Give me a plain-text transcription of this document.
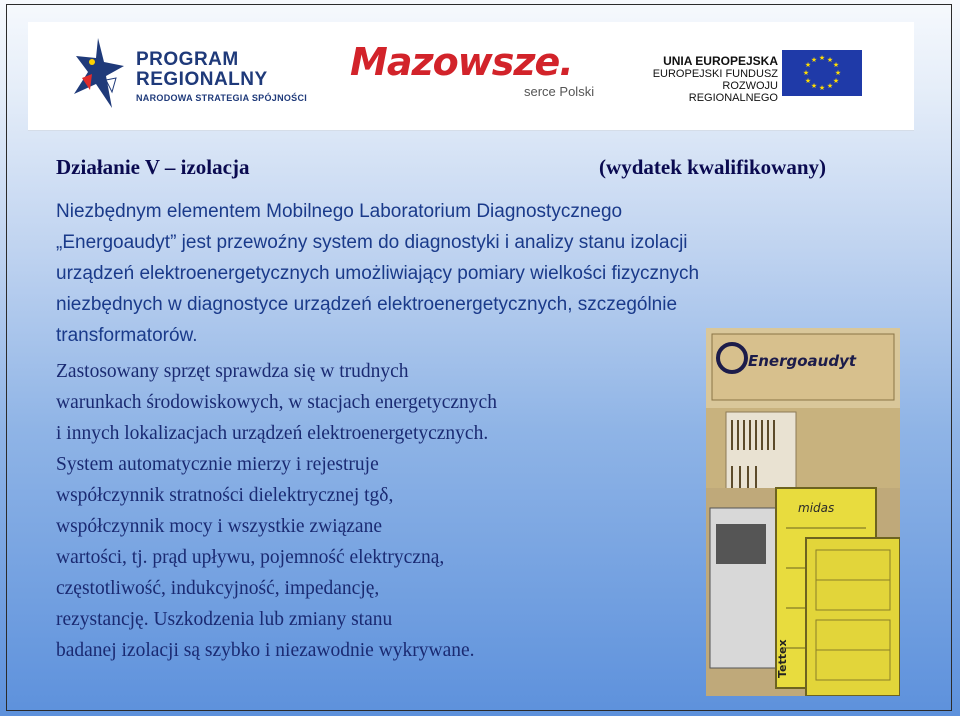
PROGRAM
REGIONALNY
NARODOWA STRATEGIA SPÓJNOŚCI
Mazowsze.
serce Polski
UNIA EUROPEJSKA
EUROPEJSKI FUNDUSZ
ROZWOJU REGIONALNEGO
★ ★
★
★
★
★
★
★
★
★
★
★
Działanie V – izolacja	(wydatek kwalifikowany)
Niezbędnym elementem Mobilnego Laboratorium Diagnostycznego
„Energoaudyt” jest przewoźny system do diagnostyki i analizy stanu izolacji
urządzeń elektroenergetycznych umożliwiający pomiary wielkości fizycznych
niezbędnych w diagnostyce urządzeń elektroenergetycznych, szczególnie
transformatorów.
Zastosowany sprzęt sprawdza się w trudnych
warunkach środowiskowych, w stacjach energetycznych
i innych lokalizacjach urządzeń elektroenergetycznych.
System automatycznie mierzy i rejestruje
współczynnik stratności dielektrycznej tgδ,
współczynnik mocy i wszystkie związane
wartości, tj. prąd upływu, pojemność elektryczną,
częstotliwość, indukcyjność, impedancję,
rezystancję. Uszkodzenia lub zmiany stanu
badanej izolacji są szybko i niezawodnie wykrywane.
Energoaudyt
midas
Tettex
